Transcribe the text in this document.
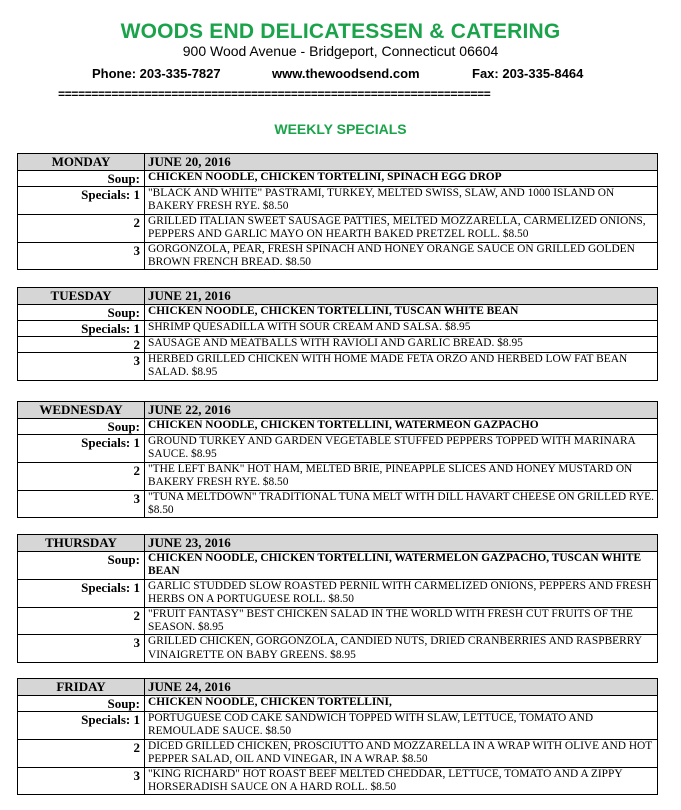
WOODS END DELICATESSEN & CATERING
900 Wood Avenue - Bridgeport, Connecticut 06604
Phone: 203-335-7827	www.thewoodsend.com	Fax: 203-335-8464
=================================================================
WEEKLY SPECIALS
MONDAY	JUNE 20, 2016
Soup:	CHICKEN NOODLE, CHICKEN TORTELINI, SPINACH EGG DROP
Specials: 1	"BLACK AND WHITE" PASTRAMI, TURKEY, MELTED SWISS, SLAW, AND 1000 ISLAND ON BAKERY FRESH RYE. $8.50
2	GRILLED ITALIAN SWEET SAUSAGE PATTIES, MELTED MOZZARELLA, CARMELIZED ONIONS, PEPPERS AND GARLIC MAYO ON HEARTH BAKED PRETZEL ROLL. $8.50
3	GORGONZOLA, PEAR, FRESH SPINACH AND HONEY ORANGE SAUCE ON GRILLED GOLDEN BROWN FRENCH BREAD. $8.50
TUESDAY	JUNE 21, 2016
Soup:	CHICKEN NOODLE, CHICKEN TORTELLINI, TUSCAN WHITE BEAN
Specials: 1	SHRIMP QUESADILLA WITH SOUR CREAM AND SALSA. $8.95
2	SAUSAGE AND MEATBALLS WITH RAVIOLI AND GARLIC BREAD. $8.95
3	HERBED GRILLED CHICKEN WITH HOME MADE FETA ORZO AND HERBED LOW FAT BEAN SALAD. $8.95
WEDNESDAY	JUNE 22, 2016
Soup:	CHICKEN NOODLE, CHICKEN TORTELLINI, WATERMEON GAZPACHO
Specials: 1	GROUND TURKEY AND GARDEN VEGETABLE STUFFED PEPPERS TOPPED WITH MARINARA SAUCE. $8.95
2	"THE LEFT BANK" HOT HAM, MELTED BRIE, PINEAPPLE SLICES AND HONEY MUSTARD ON BAKERY FRESH RYE. $8.50
3	"TUNA MELTDOWN" TRADITIONAL TUNA MELT WITH DILL HAVART CHEESE ON GRILLED RYE. $8.50
THURSDAY	JUNE 23, 2016
Soup:	CHICKEN NOODLE, CHICKEN TORTELLINI, WATERMELON GAZPACHO, TUSCAN WHITE BEAN
Specials: 1	GARLIC STUDDED SLOW ROASTED PERNIL WITH CARMELIZED ONIONS, PEPPERS AND FRESH HERBS ON A PORTUGUESE ROLL. $8.50
2	"FRUIT FANTASY" BEST CHICKEN SALAD IN THE WORLD WITH FRESH CUT FRUITS OF THE SEASON. $8.95
3	GRILLED CHICKEN, GORGONZOLA, CANDIED NUTS, DRIED CRANBERRIES AND RASPBERRY VINAIGRETTE ON BABY GREENS. $8.95
FRIDAY	JUNE 24, 2016
Soup:	CHICKEN NOODLE, CHICKEN TORTELLINI,
Specials: 1	PORTUGUESE COD CAKE SANDWICH TOPPED WITH SLAW, LETTUCE, TOMATO AND REMOULADE SAUCE. $8.50
2	DICED GRILLED CHICKEN, PROSCIUTTO AND MOZZARELLA IN A WRAP WITH OLIVE AND HOT PEPPER SALAD, OIL AND VINEGAR, IN A WRAP. $8.50
3	"KING RICHARD" HOT ROAST BEEF MELTED CHEDDAR, LETTUCE, TOMATO AND A ZIPPY HORSERADISH SAUCE ON A HARD ROLL. $8.50
